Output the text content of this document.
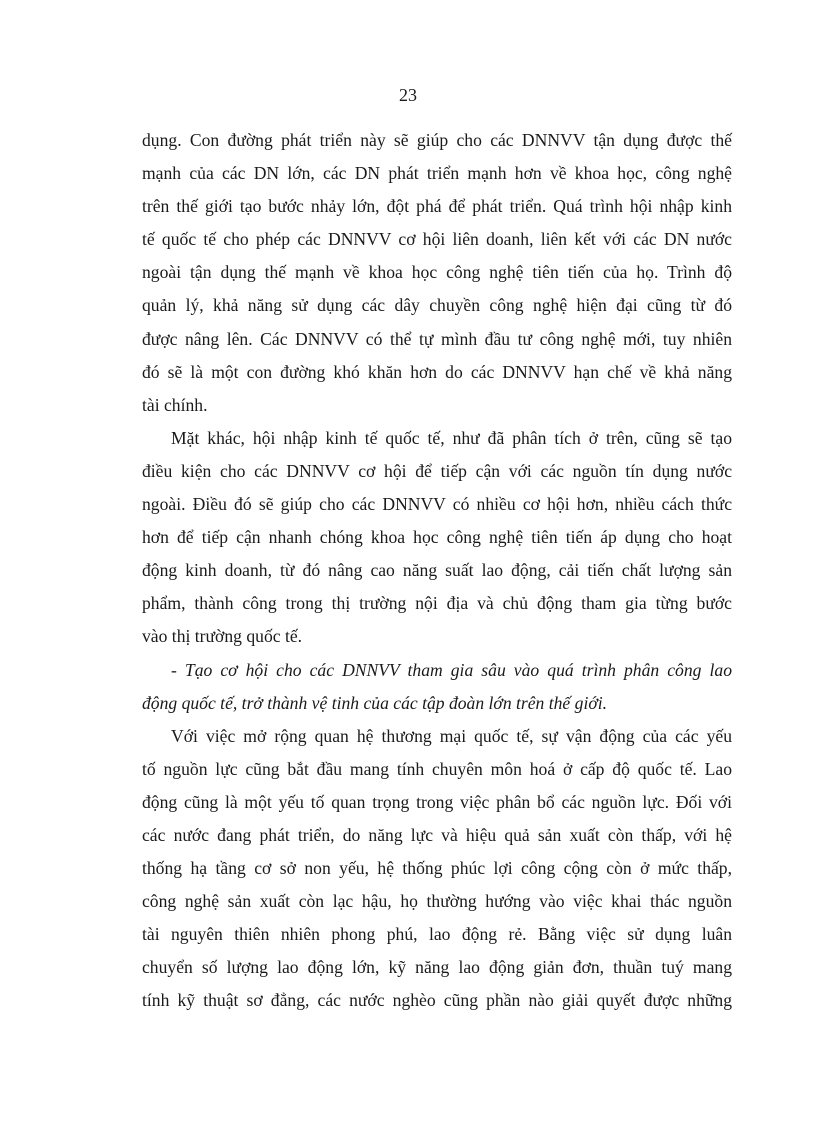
23
dụng. Con đường phát triển này sẽ giúp cho các DNNVV tận dụng được thế
mạnh của các DN lớn, các DN phát triển mạnh hơn về khoa học, công nghệ
trên thế giới tạo bước nhảy lớn, đột phá để phát triển. Quá trình hội nhập kinh
tế quốc tế cho phép các DNNVV cơ hội liên doanh, liên kết với các DN nước
ngoài tận dụng thế mạnh về khoa học công nghệ tiên tiến của họ. Trình độ
quản lý, khả năng sử dụng các dây chuyền công nghệ hiện đại cũng từ đó
được nâng lên. Các DNNVV có thể tự mình đầu tư công nghệ mới, tuy nhiên
đó sẽ là một con đường khó khăn hơn do các DNNVV hạn chế về khả năng
tài chính.
Mặt khác, hội nhập kinh tế quốc tế, như đã phân tích ở trên, cũng sẽ tạo
điều kiện cho các DNNVV cơ hội để tiếp cận với các nguồn tín dụng nước
ngoài. Điều đó sẽ giúp cho các DNNVV có nhiều cơ hội hơn, nhiều cách thức
hơn để tiếp cận nhanh chóng khoa học công nghệ tiên tiến áp dụng cho hoạt
động kinh doanh, từ đó nâng cao năng suất lao động, cải tiến chất lượng sản
phẩm, thành công trong thị trường nội địa và chủ động tham gia từng bước
vào thị trường quốc tế.
- Tạo cơ hội cho các DNNVV tham gia sâu vào quá trình phân công lao
động quốc tế, trở thành vệ tinh của các tập đoàn lớn trên thế giới.
Với việc mở rộng quan hệ thương mại quốc tế, sự vận động của các yếu
tố nguồn lực cũng bắt đầu mang tính chuyên môn hoá ở cấp độ quốc tế. Lao
động cũng là một yếu tố quan trọng trong việc phân bổ các nguồn lực. Đối với
các nước đang phát triển, do năng lực và hiệu quả sản xuất còn thấp, với hệ
thống hạ tầng cơ sở non yếu, hệ thống phúc lợi công cộng còn ở mức thấp,
công nghệ sản xuất còn lạc hậu, họ thường hướng vào việc khai thác nguồn
tài nguyên thiên nhiên phong phú, lao động rẻ. Bằng việc sử dụng luân
chuyển số lượng lao động lớn, kỹ năng lao động giản đơn, thuần tuý mang
tính kỹ thuật sơ đẳng, các nước nghèo cũng phần nào giải quyết được những
